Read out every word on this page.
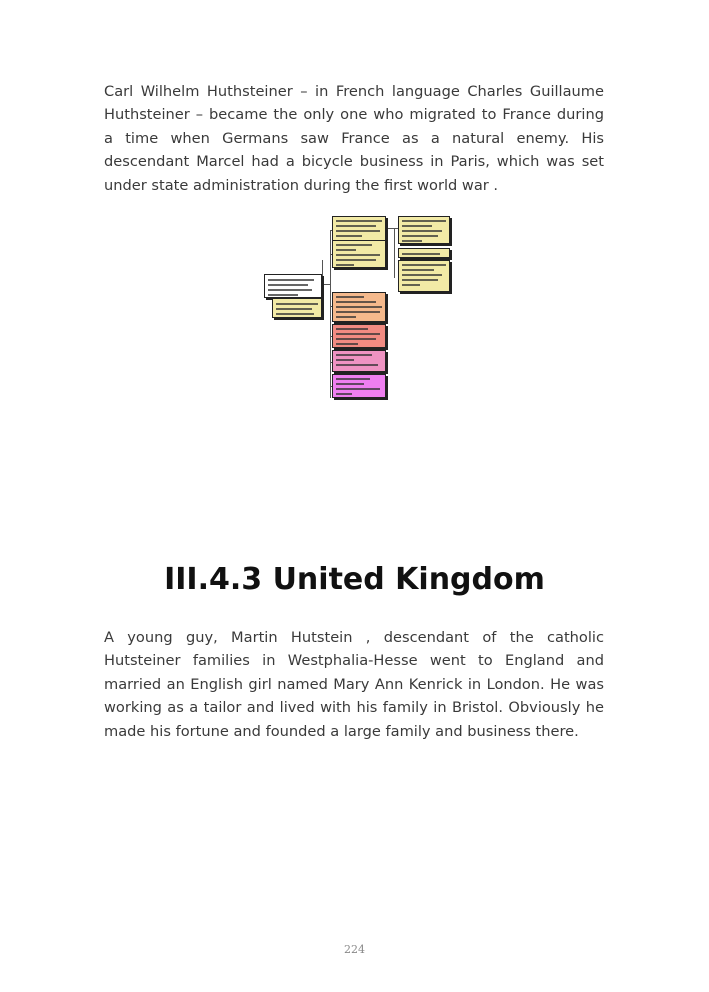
Carl Wilhelm Huthsteiner – in French language Charles Guillaume Huthsteiner – became the only one who migrated to France during a time when Germans saw France as a natural enemy. His descendant Marcel had a bicycle business in Paris, which was set under state administration during the first world war .

III.4.3 United Kingdom

A young guy, Martin Hutstein , descendant of the catholic Hutsteiner families in Westphalia-Hesse went to England and married an English girl named Mary Ann Kenrick in London. He was working as a tailor and lived with his family in Bristol. Obviously he made his fortune and founded a large family and business there.

224
